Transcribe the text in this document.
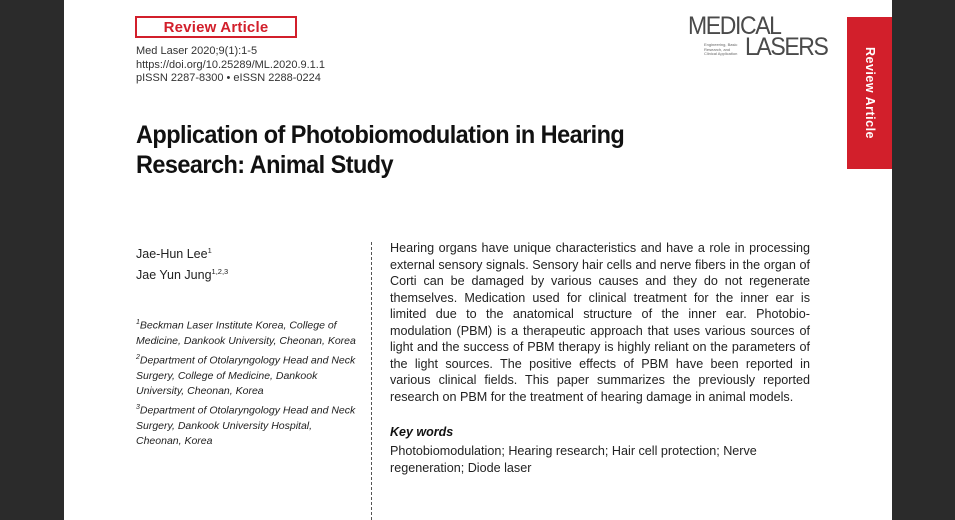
Review Article
Med Laser 2020;9(1):1-5
https://doi.org/10.25289/ML.2020.9.1.1
pISSN 2287-8300 • eISSN 2288-0224
MEDICAL
Engineering, Basic Research, and Clinical Application LASERS	Review Article
Application of Photobiomodulation in Hearing Research: Animal Study
Jae-Hun Lee$^1$
Jae Yun Jung$^{1,2,3}$
$^1$Beckman Laser Institute Korea, College of Medicine, Dankook University, Cheonan, Korea
$^2$Department of Otolaryngology Head and Neck Surgery, College of Medicine, Dankook University, Cheonan, Korea
$^3$Department of Otolaryngology Head and Neck Surgery, Dankook University Hospital, Cheonan, Korea
Hearing organs have unique characteristics and have a role in processing external sensory signals. Sensory hair cells and nerve fibers in the organ of Corti can be damaged by various causes and they do not regenerate themselves. Medication used for clinical treatment for the inner ear is limited due to the anatomical structure of the inner ear. Photobio-modulation (PBM) is a therapeutic approach that uses various sources of light and the success of PBM therapy is highly reliant on the parameters of the light sources. The positive effects of PBM have been reported in various clinical fields. This paper summarizes the previously reported research on PBM for the treatment of hearing damage in animal models.
Key words
Photobiomodulation; Hearing research; Hair cell protection; Nerve regeneration; Diode laser
